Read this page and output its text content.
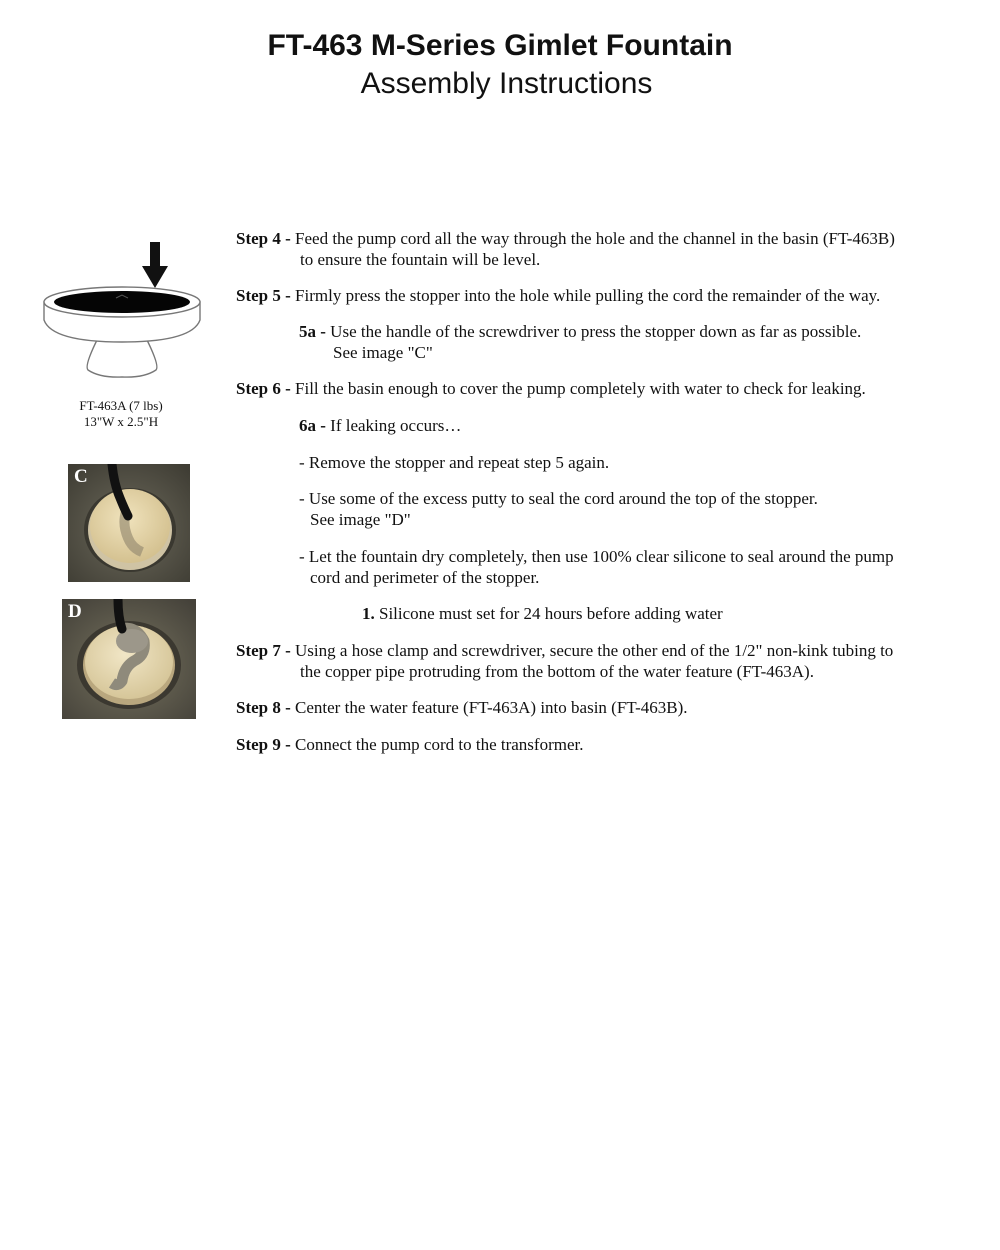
FT-463 M-Series Gimlet Fountain
Assembly Instructions
FT-463A (7 lbs)
13"W x 2.5"H
C
D
Step 4 - Feed the pump cord all the way through the hole and the channel in the basin (FT-463B)
to ensure the fountain will be level.
Step 5 - Firmly press the stopper into the hole while pulling the cord the remainder of the way.
5a - Use the handle of the screwdriver to press the stopper down as far as possible.
See image "C"
Step 6 - Fill the basin enough to cover the pump completely with water to check for leaking.
6a - If leaking occurs…
- Remove the stopper and repeat step 5 again.
- Use some of the excess putty to seal the cord around the top of the stopper.
See image "D"
- Let the fountain dry completely, then use 100% clear silicone to seal around the pump
cord and perimeter of the stopper.
1. Silicone must set for 24 hours before adding water
Step 7 - Using a hose clamp and screwdriver, secure the other end of the 1/2" non-kink tubing to
the copper pipe protruding from the bottom of the water feature (FT-463A).
Step 8 - Center the water feature (FT-463A) into basin (FT-463B).
Step 9 - Connect the pump cord to the transformer.
